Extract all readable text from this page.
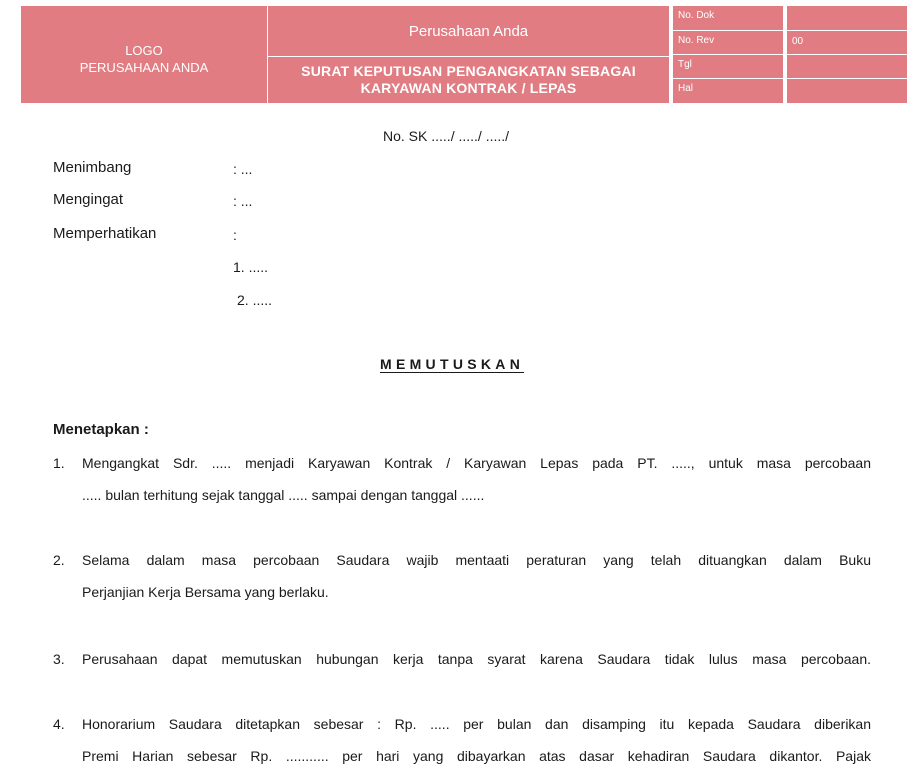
LOGO
PERUSAHAAN ANDA
Perusahaan Anda
SURAT KEPUTUSAN PENGANGKATAN SEBAGAI
KARYAWAN KONTRAK / LEPAS
No. Dok
No. Rev	00
Tgl
Hal
No. SK ...../ ...../ ...../
Menimbang	: ...
Mengingat	: ...
Memperhatikan	:
1. .....
2. .....
MEMUTUSKAN
Menetapkan :
1. Mengangkat Sdr. ..... menjadi Karyawan Kontrak / Karyawan Lepas pada PT. ....., untuk masa percobaan
..... bulan terhitung sejak tanggal ..... sampai dengan tanggal ......
2. Selama dalam masa percobaan Saudara wajib mentaati peraturan yang telah dituangkan dalam Buku
Perjanjian Kerja Bersama yang berlaku.
3. Perusahaan dapat memutuskan hubungan kerja tanpa syarat karena Saudara tidak lulus masa percobaan.
4. Honorarium Saudara ditetapkan sebesar : Rp. ..... per bulan dan disamping itu kepada Saudara diberikan
Premi Harian sebesar Rp. ........... per hari yang dibayarkan atas dasar kehadiran Saudara dikantor. Pajak
